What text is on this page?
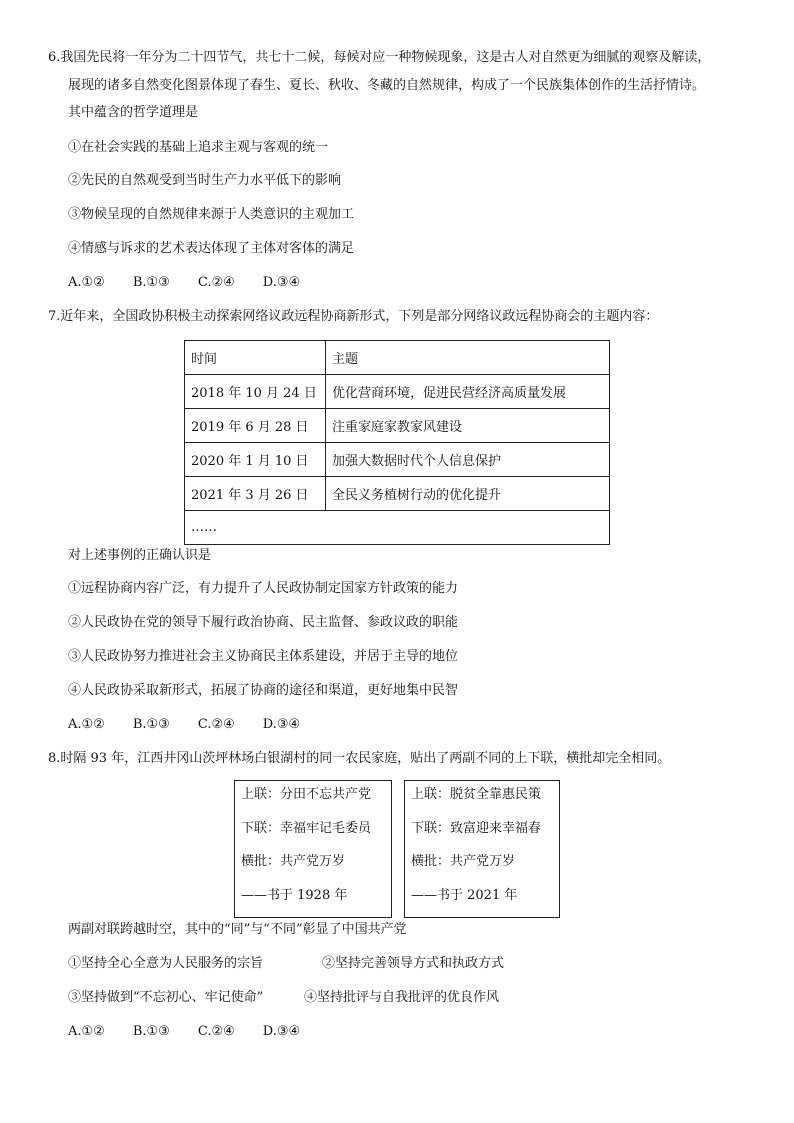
6.我国先民将一年分为二十四节气，共七十二候，每候对应一种物候现象，这是古人对自然更为细腻的观察及解读，
展现的诸多自然变化图景体现了春生、夏长、秋收、冬藏的自然规律，构成了一个民族集体创作的生活抒情诗。
其中蕴含的哲学道理是
①在社会实践的基础上追求主观与客观的统一
②先民的自然观受到当时生产力水平低下的影响
③物候呈现的自然规律来源于人类意识的主观加工
④情感与诉求的艺术表达体现了主体对客体的满足
A.①② B.①③ C.②④ D.③④
7.近年来，全国政协积极主动探索网络议政远程协商新形式，下列是部分网络议政远程协商会的主题内容：
时间	主题
2018 年 10 月 24 日	优化营商环境，促进民营经济高质量发展
2019 年 6 月 28 日	注重家庭家教家风建设
2020 年 1 月 10 日	加强大数据时代个人信息保护
2021 年 3 月 26 日	全民义务植树行动的优化提升
……	
对上述事例的正确认识是
①远程协商内容广泛，有力提升了人民政协制定国家方针政策的能力
②人民政协在党的领导下履行政治协商、民主监督、参政议政的职能
③人民政协努力推进社会主义协商民主体系建设，并居于主导的地位
④人民政协采取新形式，拓展了协商的途径和渠道，更好地集中民智
A.①② B.①③ C.②④ D.③④
8.时隔 93 年，江西井冈山茨坪林场白银湖村的同一农民家庭，贴出了两副不同的上下联，横批却完全相同。
上联：分田不忘共产党
下联：幸福牢记毛委员
横批：共产党万岁
——书于 1928 年
上联：脱贫全靠惠民策
下联：致富迎来幸福春
横批：共产党万岁
——书于 2021 年
两副对联跨越时空，其中的“同”与“不同”彰显了中国共产党
①坚持全心全意为人民服务的宗旨	②坚持完善领导方式和执政方式
③坚持做到“不忘初心、牢记使命”	④坚持批评与自我批评的优良作风
A.①② B.①③ C.②④ D.③④
